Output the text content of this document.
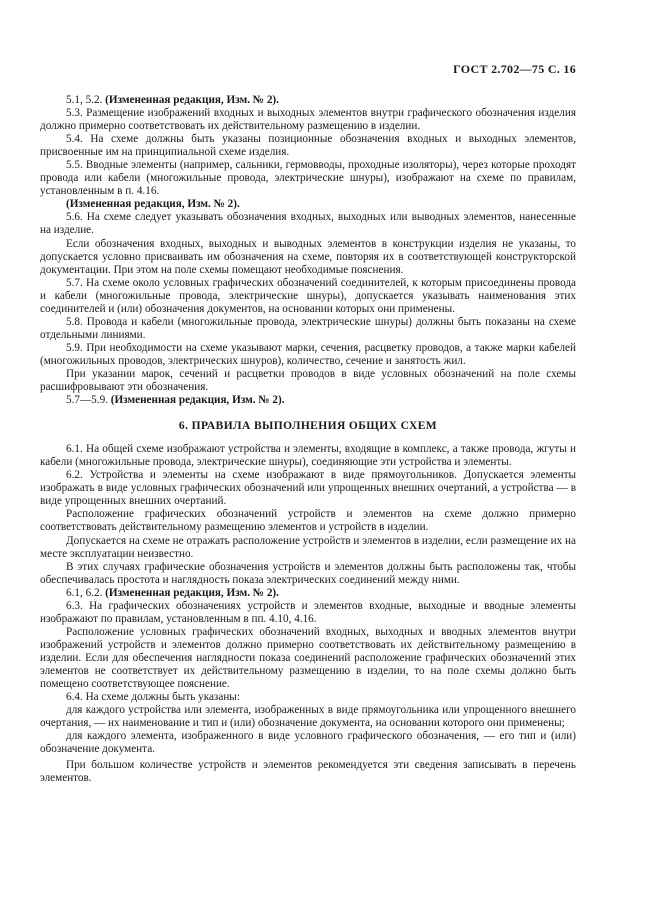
ГОСТ 2.702—75 С. 16

5.1, 5.2. (Измененная редакция, Изм. № 2).

5.3. Размещение изображений входных и выходных элементов внутри графического обозначения изделия должно примерно соответствовать их действительному размещению в изделии.

5.4. На схеме должны быть указаны позиционные обозначения входных и выходных элементов, присвоенные им на принципиальной схеме изделия.

5.5. Вводные элементы (например, сальники, гермовводы, проходные изоляторы), через которые проходят провода или кабели (многожильные провода, электрические шнуры), изображают на схеме по правилам, установленным в п. 4.16.

(Измененная редакция, Изм. № 2).

5.6. На схеме следует указывать обозначения входных, выходных или выводных элементов, нанесенные на изделие.

Если обозначения входных, выходных и выводных элементов в конструкции изделия не указаны, то допускается условно присваивать им обозначения на схеме, повторяя их в соответствующей конструкторской документации. При этом на поле схемы помещают необходимые пояснения.

5.7. На схеме около условных графических обозначений соединителей, к которым присоединены провода и кабели (многожильные провода, электрические шнуры), допускается указывать наименования этих соединителей и (или) обозначения документов, на основании которых они применены.

5.8. Провода и кабели (многожильные провода, электрические шнуры) должны быть показаны на схеме отдельными линиями.

5.9. При необходимости на схеме указывают марки, сечения, расцветку проводов, а также марки кабелей (многожильных проводов, электрических шнуров), количество, сечение и занятость жил.

При указании марок, сечений и расцветки проводов в виде условных обозначений на поле схемы расшифровывают эти обозначения.

5.7—5.9. (Измененная редакция, Изм. № 2).

6. ПРАВИЛА ВЫПОЛНЕНИЯ ОБЩИХ СХЕМ

6.1. На общей схеме изображают устройства и элементы, входящие в комплекс, а также провода, жгуты и кабели (многожильные провода, электрические шнуры), соединяющие эти устройства и элементы.

6.2. Устройства и элементы на схеме изображают в виде прямоугольников. Допускается элементы изображать в виде условных графических обозначений или упрощенных внешних очертаний, а устройства — в виде упрощенных внешних очертаний.

Расположение графических обозначений устройств и элементов на схеме должно примерно соответствовать действительному размещению элементов и устройств в изделии.

Допускается на схеме не отражать расположение устройств и элементов в изделии, если размещение их на месте эксплуатации неизвестно.

В этих случаях графические обозначения устройств и элементов должны быть расположены так, чтобы обеспечивалась простота и наглядность показа электрических соединений между ними.

6.1, 6.2. (Измененная редакция, Изм. № 2).

6.3. На графических обозначениях устройств и элементов входные, выходные и вводные элементы изображают по правилам, установленным в пп. 4.10, 4.16.

Расположение условных графических обозначений входных, выходных и вводных элементов внутри изображений устройств и элементов должно примерно соответствовать их действительному размещению в изделии. Если для обеспечения наглядности показа соединений расположение графических обозначений этих элементов не соответствует их действительному размещению в изделии, то на поле схемы должно быть помещено соответствующее пояснение.

6.4. На схеме должны быть указаны:

для каждого устройства или элемента, изображенных в виде прямоугольника или упрощенного внешнего очертания, — их наименование и тип и (или) обозначение документа, на основании которого они применены;

для каждого элемента, изображенного в виде условного графического обозначения, — его тип и (или) обозначение документа.

При большом количестве устройств и элементов рекомендуется эти сведения записывать в перечень элементов.
